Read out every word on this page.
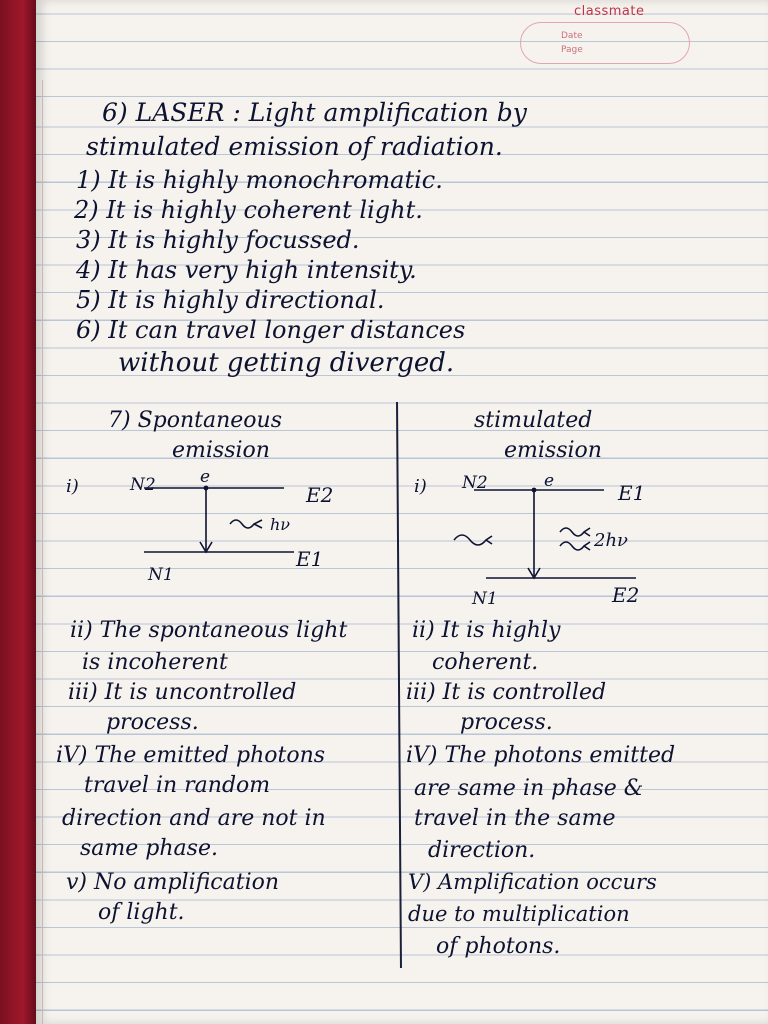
classmate
Date
Page
6) LASER : Light amplification by
stimulated emission of radiation.
1) It is highly monochromatic.
2) It is highly coherent light.
3) It is highly focussed.
4) It has very high intensity.
5) It is highly directional.
6) It can travel longer distances
without getting diverged.
7) Spontaneous
emission
i)	N2	e
E2
hν
N1
E1
ii) The spontaneous light
is incoherent
iii) It is uncontrolled
process.
iV) The emitted photons
travel in random
direction and are not in
same phase.
v) No amplification
of light.
stimulated
emission
i) N2	e	E1
2hν
N1	E2
ii) It is highly
coherent.
iii) It is controlled
process.
iV) The photons emitted
are same in phase &
travel in the same
direction.
V) Amplification occurs
due to multiplication
of photons.
